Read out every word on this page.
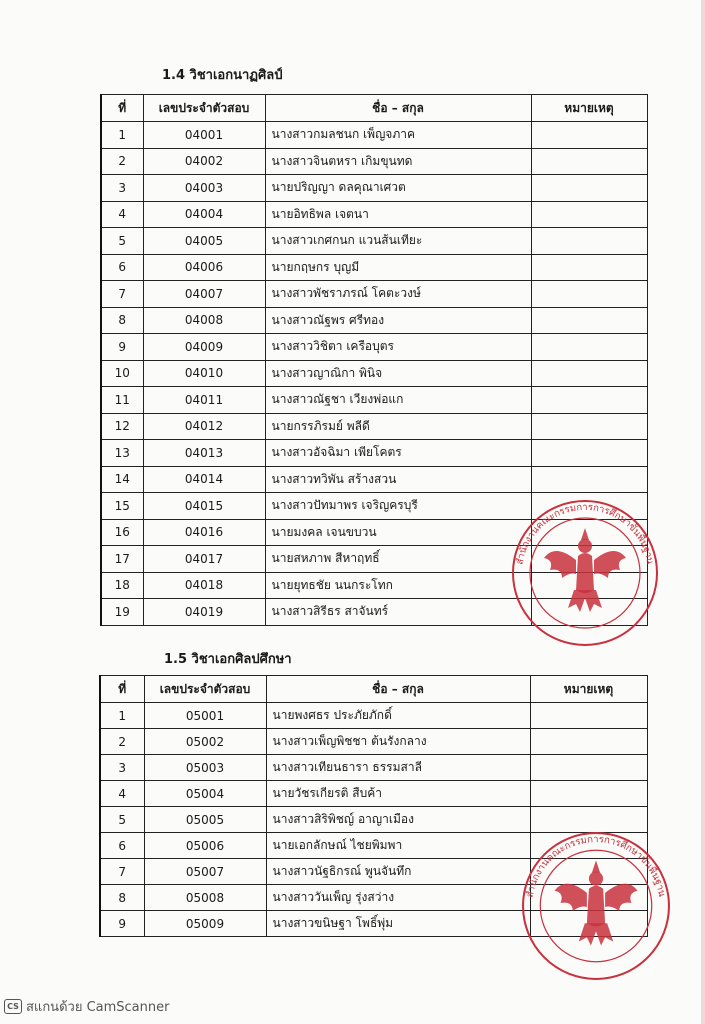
1.4 วิชาเอกนาฏศิลป์
ที่	เลขประจำตัวสอบ	ชื่อ – สกุล	หมายเหตุ
1	04001	นางสาวกมลชนก เพ็ญจภาค	
2	04002	นางสาวจินตหรา เกิมขุนทด	
3	04003	นายปริญญา ดลคุณาเศวต	
4	04004	นายอิทธิพล เจตนา	
5	04005	นางสาวเกศกนก แวนส้นเทียะ	
6	04006	นายกฤษกร บุญมี	
7	04007	นางสาวพัชราภรณ์ โคตะวงษ์	
8	04008	นางสาวณัฐพร ศรีทอง	
9	04009	นางสาววิชิตา เครือบุตร	
10	04010	นางสาวญาณิกา พินิจ	
11	04011	นางสาวณัฐชา เวียงพ่อแก	
12	04012	นายกรรภิรมย์ พลีดี	
13	04013	นางสาวอัจฉิมา เพียโคตร	
14	04014	นางสาวทวิพัน สร้างสวน	
15	04015	นางสาวปัทมาพร เจริญครบุรี	
16	04016	นายมงคล เจนขบวน	
17	04017	นายสหภาพ สีหาฤทธิ์	
18	04018	นายยุทธชัย นนกระโทก	
19	04019	นางสาวสิรีธร สาจันทร์	
1.5 วิชาเอกศิลปศึกษา
ที่	เลขประจำตัวสอบ	ชื่อ – สกุล	หมายเหตุ
1	05001	นายพงศธร ประภัยภักดิ์	
2	05002	นางสาวเพ็ญพิชชา ต้นรังกลาง	
3	05003	นางสาวเทียนธารา ธรรมสาลี	
4	05004	นายวัชรเกียรติ สืบค้า	
5	05005	นางสาวสิริพิชญ์ อาญาเมือง	
6	05006	นายเอกลักษณ์ ไชยพิมพา	
7	05007	นางสาวนัฐธิกรณ์ พูนจันทึก	
8	05008	นางสาววันเพ็ญ รุ่งสว่าง	
9	05009	นางสาวขนิษฐา โพธิ์พุ่ม	
สำนักงานคณะกรรมการการศึกษาขั้นพื้นฐาน
สำนักงานคณะกรรมการการศึกษาขั้นพื้นฐาน
CS สแกนด้วย CamScanner
